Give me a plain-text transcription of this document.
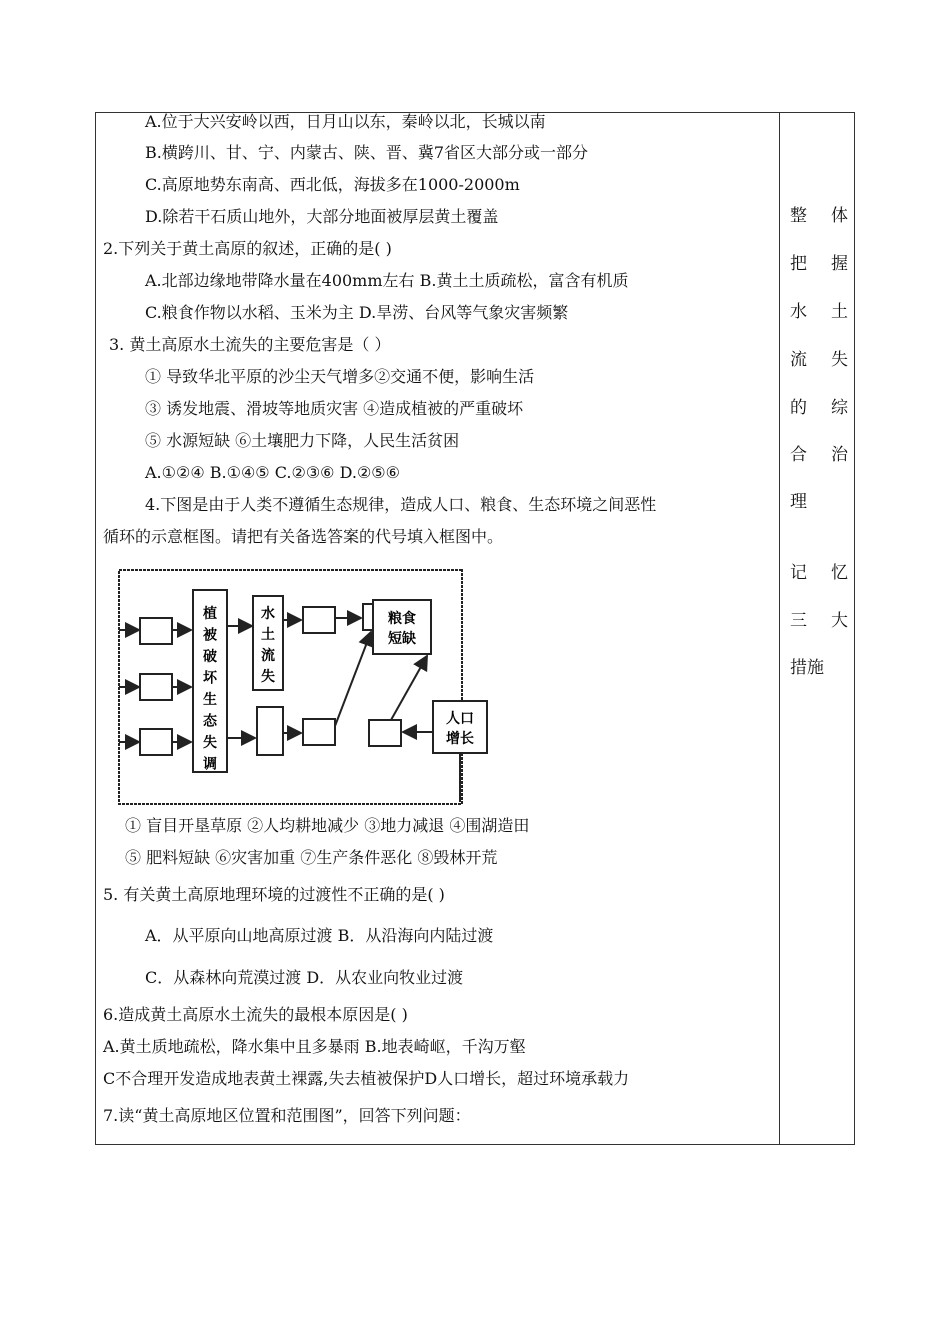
A.位于大兴安岭以西，日月山以东，秦岭以北，长城以南
B.横跨川、甘、宁、内蒙古、陕、晋、冀7省区大部分或一部分
C.高原地势东南高、西北低，海拔多在1000-2000m
D.除若干石质山地外，大部分地面被厚层黄土覆盖
2.下列关于黄土高原的叙述，正确的是( )
A.北部边缘地带降水量在400mm左右 B.黄土土质疏松，富含有机质
C.粮食作物以水稻、玉米为主 D.旱涝、台风等气象灾害频繁
3. 黄土高原水土流失的主要危害是（ ）
① 导致华北平原的沙尘天气增多②交通不便，影响生活
③ 诱发地震、滑坡等地质灾害 ④造成植被的严重破坏
⑤ 水源短缺 ⑥土壤肥力下降，人民生活贫困
A.①②④ B.①④⑤ C.②③⑥ D.②⑤⑥
4.下图是由于人类不遵循生态规律，造成人口、粮食、生态环境之间恶性
循环的示意框图。请把有关备选答案的代号填入框图中。
① 盲目开垦草原 ②人均耕地减少 ③地力减退 ④围湖造田
⑤ 肥料短缺 ⑥灾害加重 ⑦生产条件恶化 ⑧毁林开荒
5. 有关黄土高原地理环境的过渡性不正确的是( )
A．从平原向山地高原过渡 B．从沿海向内陆过渡
C．从森林向荒漠过渡 D．从农业向牧业过渡
6.造成黄土高原水土流失的最根本原因是( )
A.黄土质地疏松，降水集中且多暴雨 B.地表崎岖，千沟万壑
C不合理开发造成地表黄土裸露,失去植被保护D人口增长，超过环境承载力
7.读“黄土高原地区位置和范围图”，回答下列问题：
植被破坏生态失调
水土流失
粮食短缺
人口增长
整 体
把 握
水 土
流 失
的 综
合 治
理
记 忆
三 大
措施
